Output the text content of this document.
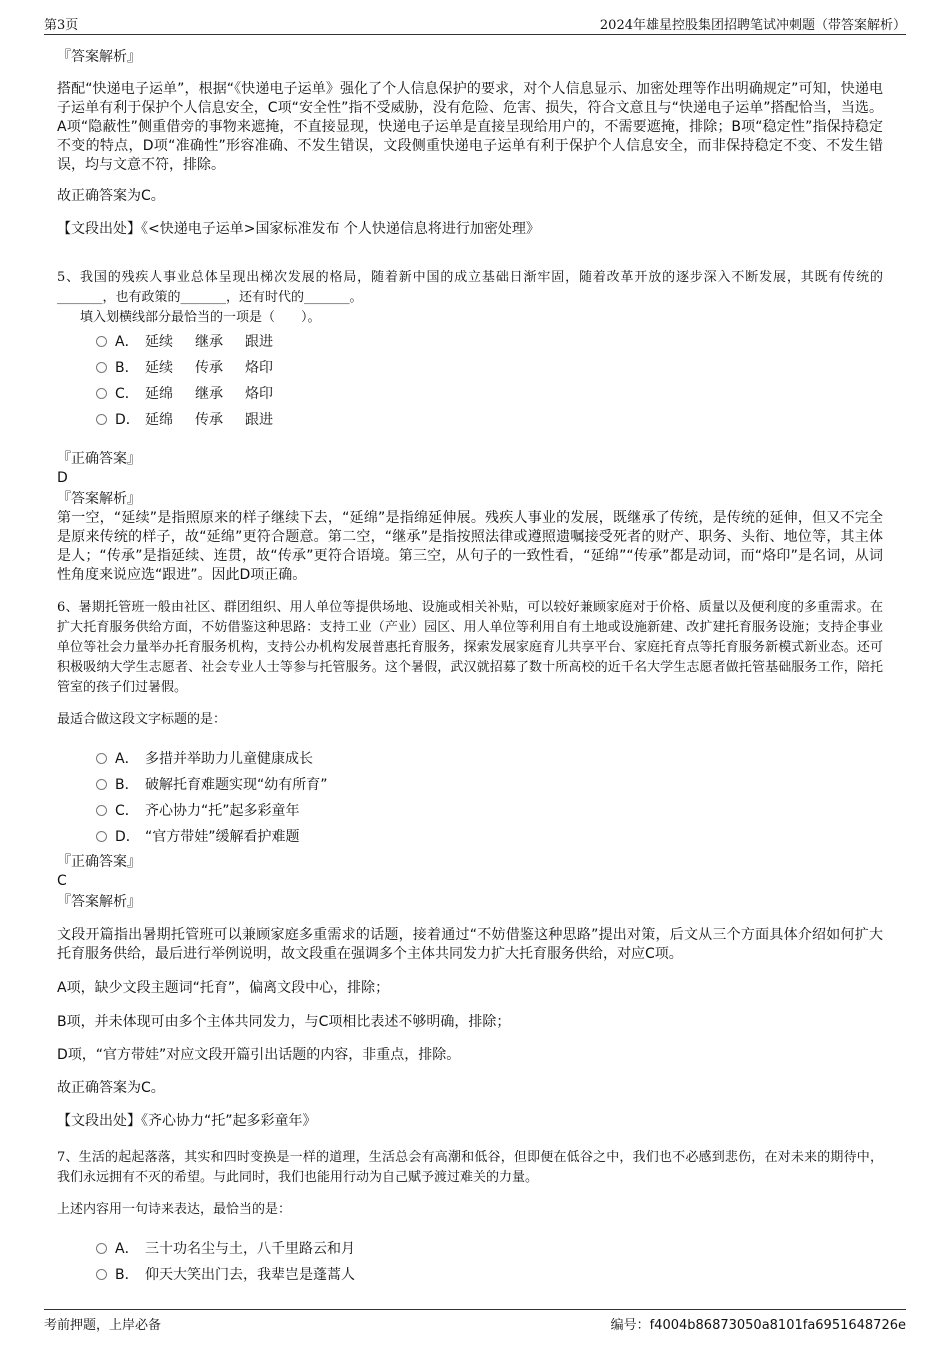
第3页	2024年雄星控股集团招聘笔试冲刺题（带答案解析）
『答案解析』
搭配“快递电子运单”，根据“《快递电子运单》强化了个人信息保护的要求，对个人信息显示、加密处理等作出明确规定”可知，快递电子运单有利于保护个人信息安全，C项“安全性”指不受威胁，没有危险、危害、损失，符合文意且与“快递电子运单”搭配恰当，当选。A项“隐蔽性”侧重借旁的事物来遮掩，不直接显现，快递电子运单是直接呈现给用户的，不需要遮掩，排除；B项“稳定性”指保持稳定不变的特点，D项“准确性”形容准确、不发生错误，文段侧重快递电子运单有利于保护个人信息安全，而非保持稳定不变、不发生错误，均与文意不符，排除。
故正确答案为C。
【文段出处】《<快递电子运单>国家标准发布 个人快递信息将进行加密处理》
5、我国的残疾人事业总体呈现出梯次发展的格局，随着新中国的成立基础日渐牢固，随着改革开放的逐步深入不断发展，其既有传统的_______，也有政策的_______，还有时代的_______。
填入划横线部分最恰当的一项是（　　）。
A． 延续 继承 跟进
B． 延续 传承 烙印
C． 延绵 继承 烙印
D． 延绵 传承 跟进
『正确答案』
D
『答案解析』
第一空，“延续”是指照原来的样子继续下去，“延绵”是指绵延伸展。残疾人事业的发展，既继承了传统，是传统的延伸，但又不完全是原来传统的样子，故“延绵”更符合题意。第二空，“继承”是指按照法律或遵照遗嘱接受死者的财产、职务、头衔、地位等，其主体是人；“传承”是指延续、连贯，故“传承”更符合语境。第三空，从句子的一致性看，“延绵”“传承”都是动词，而“烙印”是名词，从词性角度来说应选“跟进”。因此D项正确。
6、暑期托管班一般由社区、群团组织、用人单位等提供场地、设施或相关补贴，可以较好兼顾家庭对于价格、质量以及便利度的多重需求。在扩大托育服务供给方面，不妨借鉴这种思路：支持工业（产业）园区、用人单位等利用自有土地或设施新建、改扩建托育服务设施；支持企事业单位等社会力量举办托育服务机构，支持公办机构发展普惠托育服务，探索发展家庭育儿共享平台、家庭托育点等托育服务新模式新业态。还可积极吸纳大学生志愿者、社会专业人士等参与托管服务。这个暑假，武汉就招募了数十所高校的近千名大学生志愿者做托管基础服务工作，陪托管室的孩子们过暑假。
最适合做这段文字标题的是：
A． 多措并举助力儿童健康成长
B． 破解托育难题实现“幼有所育”
C． 齐心协力“托”起多彩童年
D． “官方带娃”缓解看护难题
『正确答案』
C
『答案解析』
文段开篇指出暑期托管班可以兼顾家庭多重需求的话题，接着通过“不妨借鉴这种思路”提出对策，后文从三个方面具体介绍如何扩大托育服务供给，最后进行举例说明，故文段重在强调多个主体共同发力扩大托育服务供给，对应C项。
A项，缺少文段主题词“托育”，偏离文段中心，排除；
B项，并未体现可由多个主体共同发力，与C项相比表述不够明确，排除；
D项，“官方带娃”对应文段开篇引出话题的内容，非重点，排除。
故正确答案为C。
【文段出处】《齐心协力“托”起多彩童年》
7、生活的起起落落，其实和四时变换是一样的道理，生活总会有高潮和低谷，但即便在低谷之中，我们也不必感到悲伤，在对未来的期待中，我们永远拥有不灭的希望。与此同时，我们也能用行动为自己赋予渡过难关的力量。
上述内容用一句诗来表达，最恰当的是：
A． 三十功名尘与土，八千里路云和月
B． 仰天大笑出门去，我辈岂是蓬蒿人
考前押题，上岸必备	编号：f4004b86873050a8101fa6951648726e
